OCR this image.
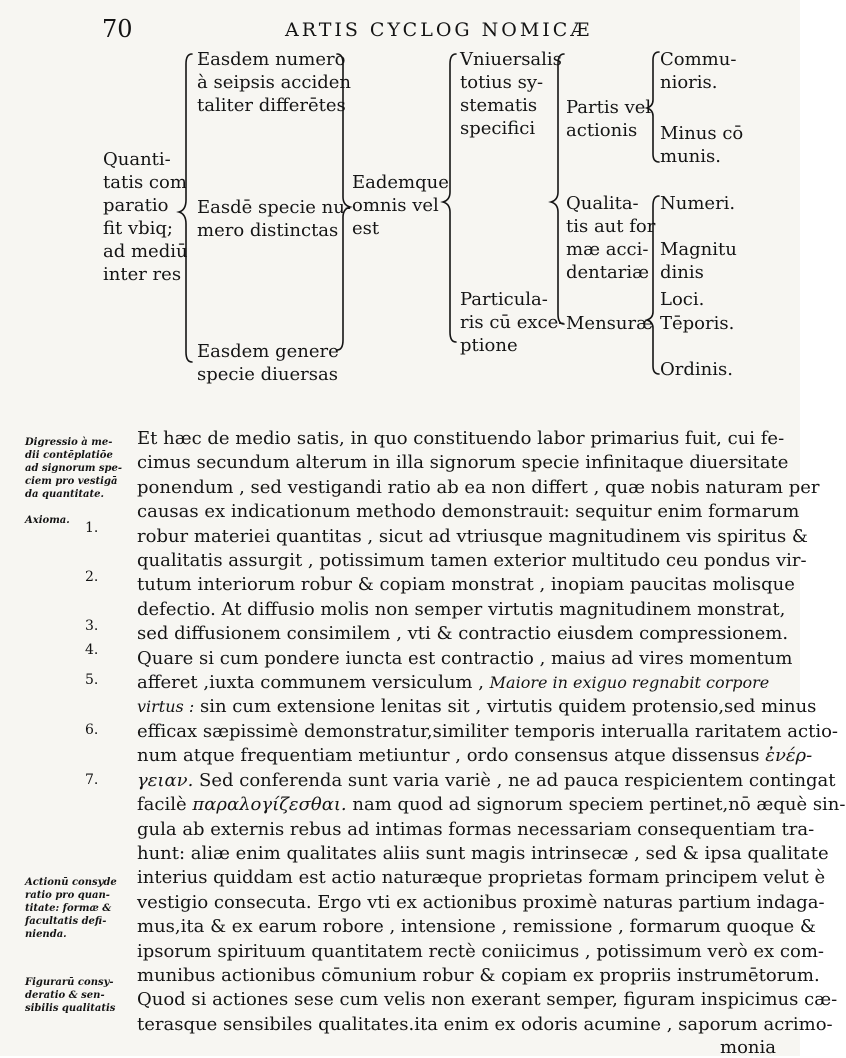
70	ARTIS CYCLOG NOMICÆ
Quanti-
tatis com
paratio
fit vbiq;
ad mediū
inter res
Easdem numero
à seipsis acciden
taliter differētes
Easdē specie nu-
mero distinctas
Easdem genere
specie diuersas
Eademque
omnis vel
est
Vniuersalis
totius sy-
stematis
specifici
Particula-
ris cū exce-
ptione
Partis vel
actionis
Qualita-
tis aut for
mæ acci-
dentariæ
Mensuræ
Commu-
nioris.
Minus cō
munis.
Numeri.
Magnitu
dinis
Loci.
Tēporis.
Ordinis.
Digressio à me-
dii contēplatiōe
ad signorum spe-
ciem pro vestigā
da quantitate.
Axioma.
Actionū consyde
ratio pro quan-
titate: formæ &
facultatis defi-
nienda.
Figurarū consy-
deratio & sen-
sibilis qualitatis
1.
2.
3.
4.
5.
6.
7.
Et hæc de medio satis, in quo constituendo labor primarius fuit, cui fe-
cimus secundum alterum in illa signorum specie infinitaque diuersitate
ponendum , sed vestigandi ratio ab ea non differt , quæ nobis naturam per
causas ex indicationum methodo demonstrauit: sequitur enim formarum
robur materiei quantitas , sicut ad vtriusque magnitudinem vis spiritus &
qualitatis assurgit , potissimum tamen exterior multitudo ceu pondus vir-
tutum interiorum robur & copiam monstrat , inopiam paucitas molisque
defectio. At diffusio molis non semper virtutis magnitudinem monstrat,
sed diffusionem consimilem , vti & contractio eiusdem compressionem.
Quare si cum pondere iuncta est contractio , maius ad vires momentum
afferet ,iuxta communem versiculum , Maiore in exiguo regnabit corpore
virtus : sin cum extensione lenitas sit , virtutis quidem protensio,sed minus
efficax sæpissimè demonstratur,similiter temporis interualla raritatem actio-
num atque frequentiam metiuntur , ordo consensus atque dissensus ἐνέρ-
γειαν. Sed conferenda sunt varia variè , ne ad pauca respicientem contingat
facilè παραλογίζεσθαι. nam quod ad signorum speciem pertinet,nō æquè sin-
gula ab externis rebus ad intimas formas necessariam consequentiam tra-
hunt: aliæ enim qualitates aliis sunt magis intrinsecæ , sed & ipsa qualitate
interius quiddam est actio naturæque proprietas formam principem velut è
vestigio consecuta. Ergo vti ex actionibus proximè naturas partium indaga-
mus,ita & ex earum robore , intensione , remissione , formarum quoque &
ipsorum spirituum quantitatem rectè coniicimus , potissimum verò ex com-
munibus actionibus cōmunium robur & copiam ex propriis instrumētorum.
Quod si actiones sese cum velis non exerant semper, figuram inspicimus cæ-
terasque sensibiles qualitates.ita enim ex odoris acumine , saporum acrimo-
monia
